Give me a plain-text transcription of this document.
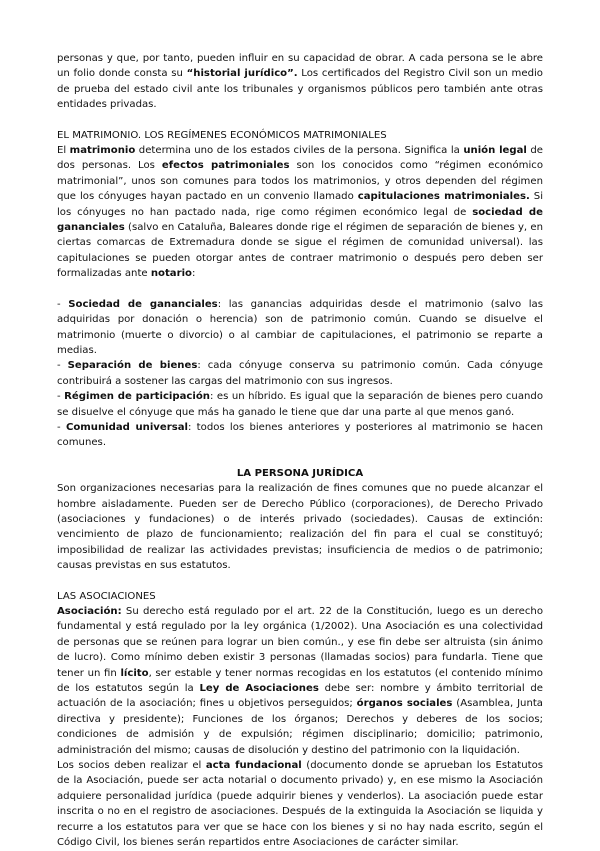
personas y que, por tanto, pueden influir en su capacidad de obrar. A cada persona se le abre un folio donde consta su “historial jurídico”. Los certificados del Registro Civil son un medio de prueba del estado civil ante los tribunales y organismos públicos pero también ante otras entidades privadas.

EL MATRIMONIO. LOS REGÍMENES ECONÓMICOS MATRIMONIALES

El matrimonio determina uno de los estados civiles de la persona. Significa la unión legal de dos personas. Los efectos patrimoniales son los conocidos como “régimen económico matrimonial”, unos son comunes para todos los matrimonios, y otros dependen del régimen que los cónyuges hayan pactado en un convenio llamado capitulaciones matrimoniales. Si los cónyuges no han pactado nada, rige como régimen económico legal de sociedad de gananciales (salvo en Cataluña, Baleares donde rige el régimen de separación de bienes y, en ciertas comarcas de Extremadura donde se sigue el régimen de comunidad universal). las capitulaciones se pueden otorgar antes de contraer matrimonio o después pero deben ser formalizadas ante notario:

- Sociedad de gananciales: las ganancias adquiridas desde el matrimonio (salvo las adquiridas por donación o herencia) son de patrimonio común. Cuando se disuelve el matrimonio (muerte o divorcio) o al cambiar de capitulaciones, el patrimonio se reparte a medias.

- Separación de bienes: cada cónyuge conserva su patrimonio común. Cada cónyuge contribuirá a sostener las cargas del matrimonio con sus ingresos.

- Régimen de participación: es un híbrido. Es igual que la separación de bienes pero cuando se disuelve el cónyuge que más ha ganado le tiene que dar una parte al que menos ganó.

- Comunidad universal: todos los bienes anteriores y posteriores al matrimonio se hacen comunes.

LA PERSONA JURÍDICA

Son organizaciones necesarias para la realización de fines comunes que no puede alcanzar el hombre aisladamente. Pueden ser de Derecho Público (corporaciones), de Derecho Privado (asociaciones y fundaciones) o de interés privado (sociedades). Causas de extinción: vencimiento de plazo de funcionamiento; realización del fin para el cual se constituyó; imposibilidad de realizar las actividades previstas; insuficiencia de medios o de patrimonio; causas previstas en sus estatutos.

LAS ASOCIACIONES

Asociación: Su derecho está regulado por el art. 22 de la Constitución, luego es un derecho fundamental y está regulado por la ley orgánica (1/2002). Una Asociación es una colectividad de personas que se reúnen para lograr un bien común., y ese fin debe ser altruista (sin ánimo de lucro). Como mínimo deben existir 3 personas (llamadas socios) para fundarla. Tiene que tener un fin lícito, ser estable y tener normas recogidas en los estatutos (el contenido mínimo de los estatutos según la Ley de Asociaciones debe ser: nombre y ámbito territorial de actuación de la asociación; fines u objetivos perseguidos; órganos sociales (Asamblea, Junta directiva y presidente); Funciones de los órganos; Derechos y deberes de los socios; condiciones de admisión y de expulsión; régimen disciplinario; domicilio; patrimonio, administración del mismo; causas de disolución y destino del patrimonio con la liquidación.

Los socios deben realizar el acta fundacional (documento donde se aprueban los Estatutos de la Asociación, puede ser acta notarial o documento privado) y, en ese mismo la Asociación adquiere personalidad jurídica (puede adquirir bienes y venderlos). La asociación puede estar inscrita o no en el registro de asociaciones. Después de la extinguida la Asociación se liquida y recurre a los estatutos para ver que se hace con los bienes y si no hay nada escrito, según el Código Civil, los bienes serán repartidos entre Asociaciones de carácter similar.
